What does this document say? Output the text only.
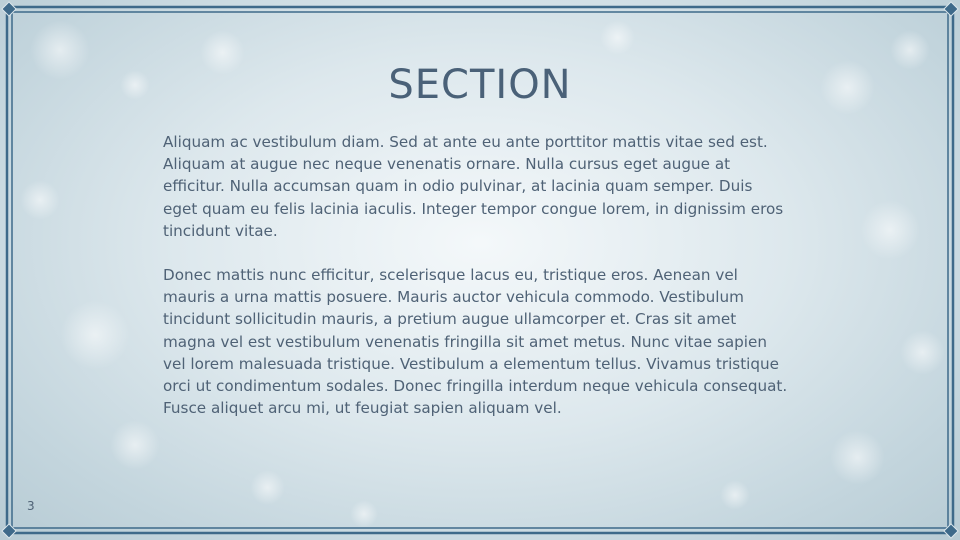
SECTION

Aliquam ac vestibulum diam. Sed at ante eu ante porttitor mattis vitae sed est. Aliquam at augue nec neque venenatis ornare. Nulla cursus eget augue at efficitur. Nulla accumsan quam in odio pulvinar, at lacinia quam semper. Duis eget quam eu felis lacinia iaculis. Integer tempor congue lorem, in dignissim eros tincidunt vitae.

Donec mattis nunc efficitur, scelerisque lacus eu, tristique eros. Aenean vel mauris a urna mattis posuere. Mauris auctor vehicula commodo. Vestibulum tincidunt sollicitudin mauris, a pretium augue ullamcorper et. Cras sit amet magna vel est vestibulum venenatis fringilla sit amet metus. Nunc vitae sapien vel lorem malesuada tristique. Vestibulum a elementum tellus. Vivamus tristique orci ut condimentum sodales. Donec fringilla interdum neque vehicula consequat. Fusce aliquet arcu mi, ut feugiat sapien aliquam vel.

3
